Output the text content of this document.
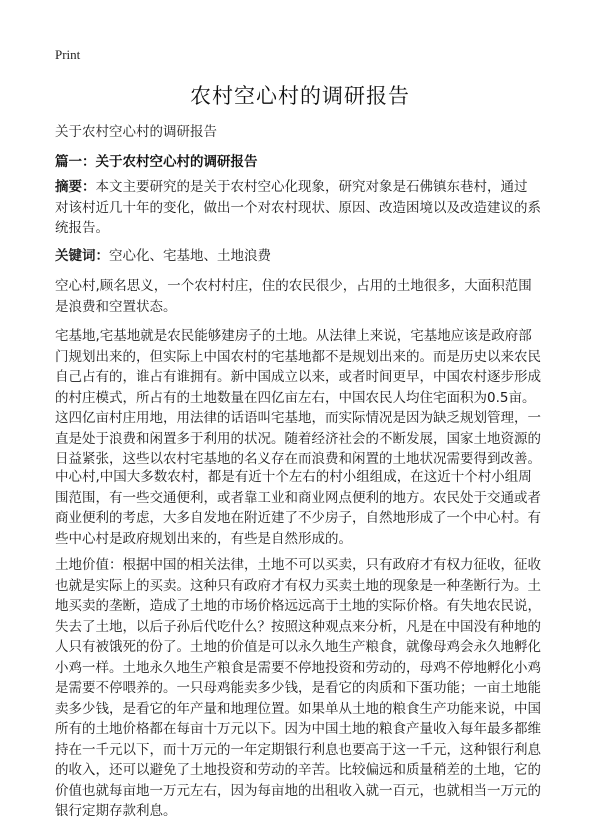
Print
农村空心村的调研报告
关于农村空心村的调研报告
篇一：关于农村空心村的调研报告
摘要：本文主要研究的是关于农村空心化现象，研究对象是石佛镇东巷村，通过
对该村近几十年的变化，做出一个对农村现状、原因、改造困境以及改造建议的系
统报告。
关键词：空心化、宅基地、土地浪费
空心村,顾名思义，一个农村村庄，住的农民很少，占用的土地很多，大面积范围
是浪费和空置状态。
宅基地,宅基地就是农民能够建房子的土地。从法律上来说，宅基地应该是政府部
门规划出来的，但实际上中国农村的宅基地都不是规划出来的。而是历史以来农民
自己占有的，谁占有谁拥有。新中国成立以来，或者时间更早，中国农村逐步形成
的村庄模式，所占有的土地数量在四亿亩左右，中国农民人均住宅面积为0.5亩。
这四亿亩村庄用地，用法律的话语叫宅基地，而实际情况是因为缺乏规划管理，一
直是处于浪费和闲置多于利用的状况。随着经济社会的不断发展，国家土地资源的
日益紧张，这些以农村宅基地的名义存在而浪费和闲置的土地状况需要得到改善。
中心村,中国大多数农村，都是有近十个左右的村小组组成，在这近十个村小组周
围范围，有一些交通便利，或者靠工业和商业网点便利的地方。农民处于交通或者
商业便利的考虑，大多自发地在附近建了不少房子，自然地形成了一个中心村。有
些中心村是政府规划出来的，有些是自然形成的。
土地价值：根据中国的相关法律，土地不可以买卖，只有政府才有权力征收，征收
也就是实际上的买卖。这种只有政府才有权力买卖土地的现象是一种垄断行为。土
地买卖的垄断，造成了土地的市场价格远远高于土地的实际价格。有失地农民说，
失去了土地，以后子孙后代吃什么？按照这种观点来分析，凡是在中国没有种地的
人只有被饿死的份了。土地的价值是可以永久地生产粮食，就像母鸡会永久地孵化
小鸡一样。土地永久地生产粮食是需要不停地投资和劳动的，母鸡不停地孵化小鸡
是需要不停喂养的。一只母鸡能卖多少钱，是看它的肉质和下蛋功能；一亩土地能
卖多少钱，是看它的年产量和地理位置。如果单从土地的粮食生产功能来说，中国
所有的土地价格都在每亩十万元以下。因为中国土地的粮食产量收入每年最多都维
持在一千元以下，而十万元的一年定期银行利息也要高于这一千元，这种银行利息
的收入，还可以避免了土地投资和劳动的辛苦。比较偏远和质量稍差的土地，它的
价值也就每亩地一万元左右，因为每亩地的出租收入就一百元，也就相当一万元的
银行定期存款利息。
